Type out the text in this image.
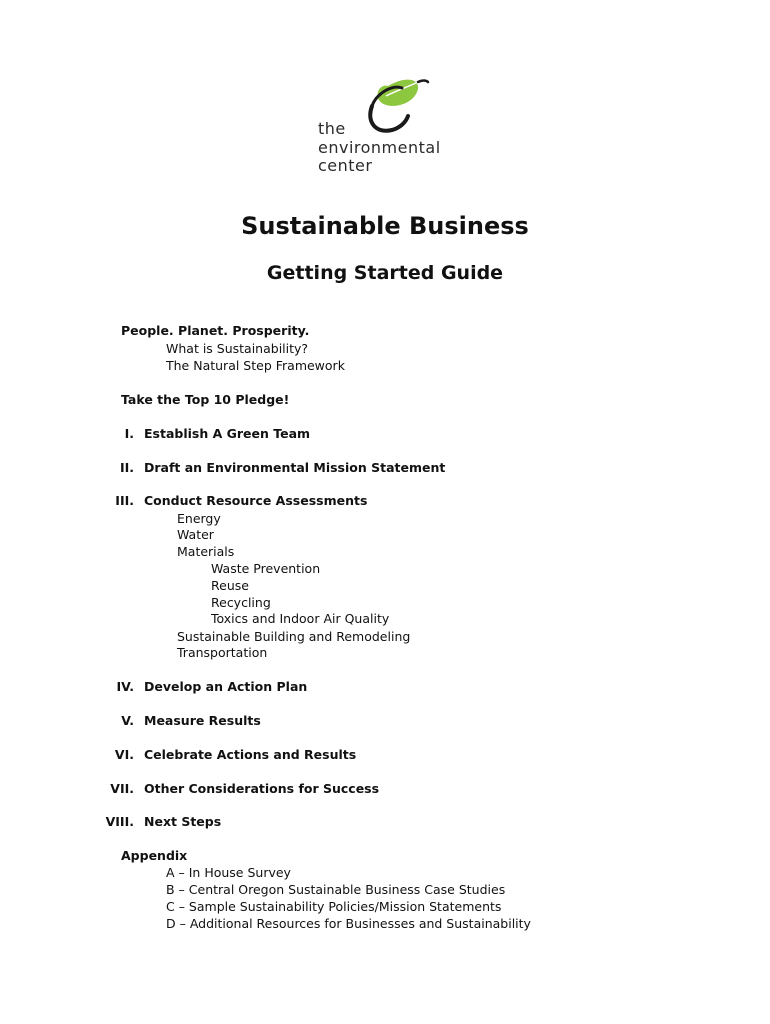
the
environmental
center
Sustainable Business
Getting Started Guide
People. Planet. Prosperity.
What is Sustainability?
The Natural Step Framework
Take the Top 10 Pledge!
I. Establish A Green Team
II. Draft an Environmental Mission Statement
III. Conduct Resource Assessments
Energy
Water
Materials
Waste Prevention
Reuse
Recycling
Toxics and Indoor Air Quality
Sustainable Building and Remodeling
Transportation
IV. Develop an Action Plan
V. Measure Results
VI. Celebrate Actions and Results
VII. Other Considerations for Success
VIII. Next Steps
Appendix
A – In House Survey
B – Central Oregon Sustainable Business Case Studies
C – Sample Sustainability Policies/Mission Statements
D – Additional Resources for Businesses and Sustainability
